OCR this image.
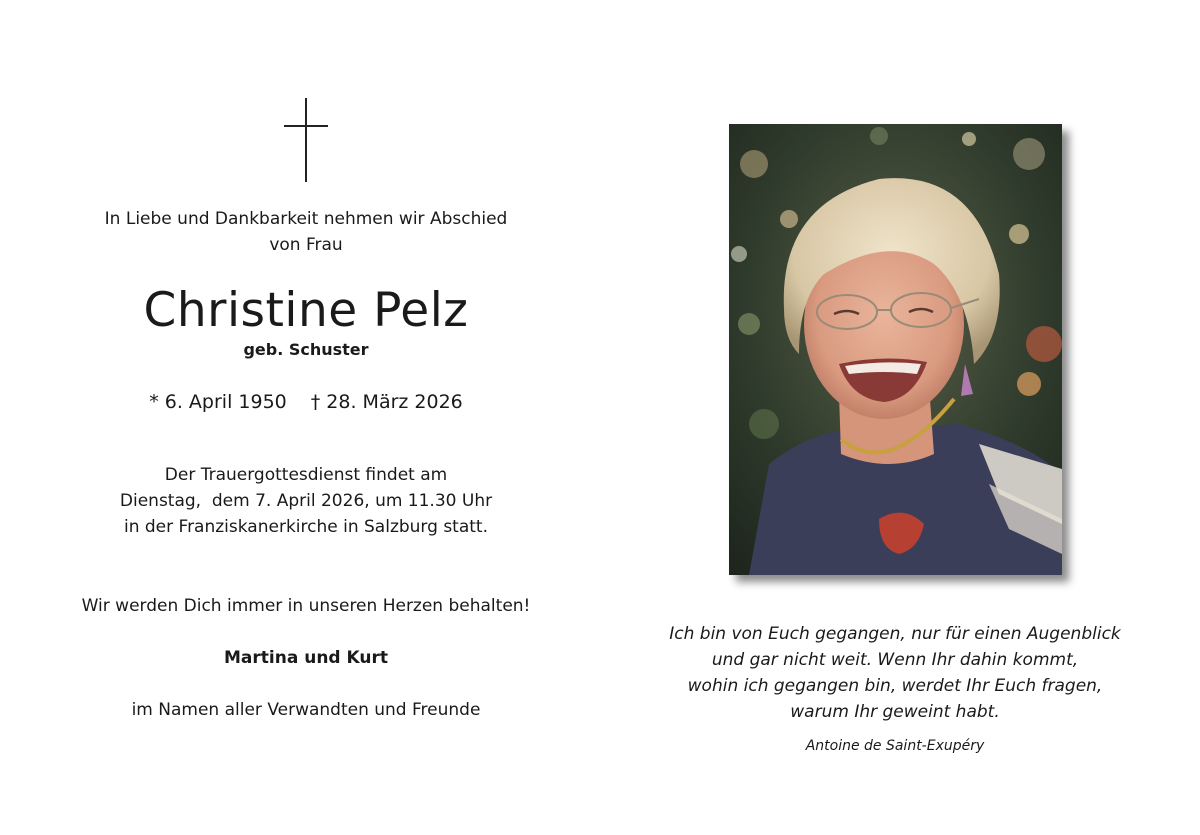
In Liebe und Dankbarkeit nehmen wir Abschied
von Frau
Christine Pelz
geb. Schuster
* 6. April 1950 † 28. März 2026
Der Trauergottesdienst findet am
Dienstag,  dem 7. April 2026, um 11.30 Uhr
in der Franziskanerkirche in Salzburg statt.
Wir werden Dich immer in unseren Herzen behalten!
Martina und Kurt
im Namen aller Verwandten und Freunde
Ich bin von Euch gegangen, nur für einen Augenblick
und gar nicht weit. Wenn Ihr dahin kommt,
wohin ich gegangen bin, werdet Ihr Euch fragen,
warum Ihr geweint habt.
Antoine de Saint-Exupéry
